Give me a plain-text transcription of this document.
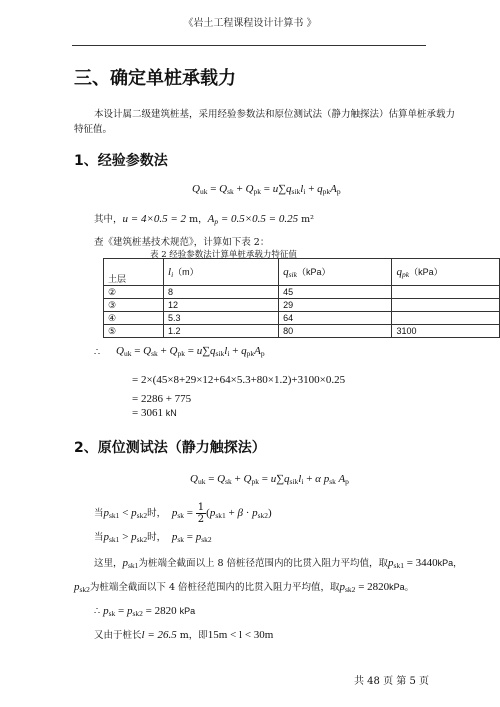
《岩土工程课程设计计算书 》
三、确定单桩承载力
本设计属二级建筑桩基，采用经验参数法和原位测试法（静力触探法）估算单桩承载力
特征值。
1、经验参数法
Quk = Qsk + Qpk = u∑qsikli + qpkAp
其中，u = 4×0.5 = 2 m，$A_p = 0.5\times 0.5 = 0.25$ m²
查《建筑桩基技术规范》，计算如下表 2：
表 2 经验参数法计算单桩承载力特征值
土层	$l_i(m)$	$q_{sik}(kPa)$	$q_{pk}(kPa)$
②	8	45	
③	12	29	
④	5.3	64	
⑤	1.2	80	3100
∴ Quk = Qsk + Qpk = u∑qsikli + qpkAp
= 2×(45×8+29×12+64×5.3+80×1.2)+3100×0.25
= 2286 + 775
= 3061 kN
2、原位测试法（静力触探法）
Quk = Qsk + Qpk = u∑qsikli + α psk Ap
当$p_{sk1} < p_{sk2}$时，  $p_{sk} = \frac{1}{2} (p_{sk1} + \beta \cdot p_{sk2})$
当$p_{sk1} > p_{sk2}$时，  $p_{sk} = p_{sk2}$
这里，$p_{sk1}$为桩端全截面以上 8 倍桩径范围内的比贯入阻力平均值，取$p_{sk1} = 3440kPa$，
$p_{sk2}$为桩端全截面以下 4 倍桩径范围内的比贯入阻力平均值，取$p_{sk2} = 2820kPa$。
∴ $p_{sk} = p_{sk2} = 2820$ kPa
又由于桩长l = 26.5 m，即15m < l < 30m
共 48 页 第 5 页
